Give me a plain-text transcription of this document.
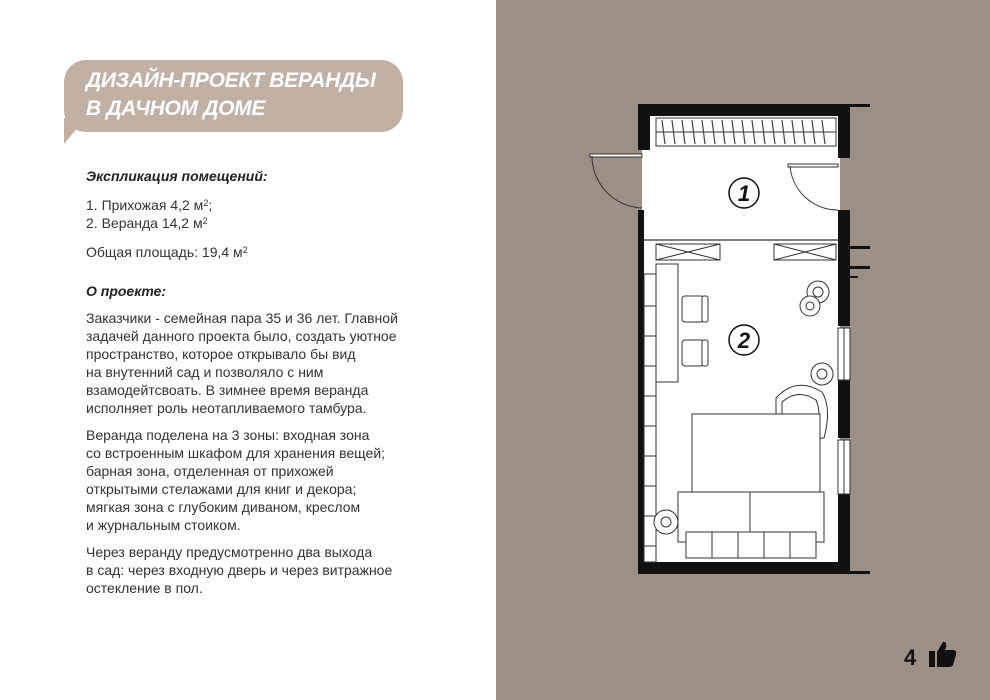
ДИЗАЙН-ПРОЕКТ ВЕРАНДЫ
В ДАЧНОМ ДОМЕ

Экспликация помещений:

1. Прихожая 4,2 $м^2$;
2. Веранда 14,2 $м^2$

Общая площадь: 19,4 $м^2$

О проекте:

Заказчики - семейная пара 35 и 36 лет. Главной
задачей данного проекта было, создать уютное
пространство, которое открывало бы вид
на внутенний сад и позволяло с ним
взамодейтсвоать. В зимнее время веранда
исполняет роль неотапливаемого тамбура.

Веранда поделена на 3 зоны: входная зона
со встроенным шкафом для хранения вещей;
барная зона, отделенная от прихожей
открытыми стелажами для книг и декора;
мягкая зона с глубоким диваном, креслом
и журнальным стоиком.

Через веранду предусмотренно два выхода
в сад: через входную дверь и через витражное
остекление в пол.

1
2
4
